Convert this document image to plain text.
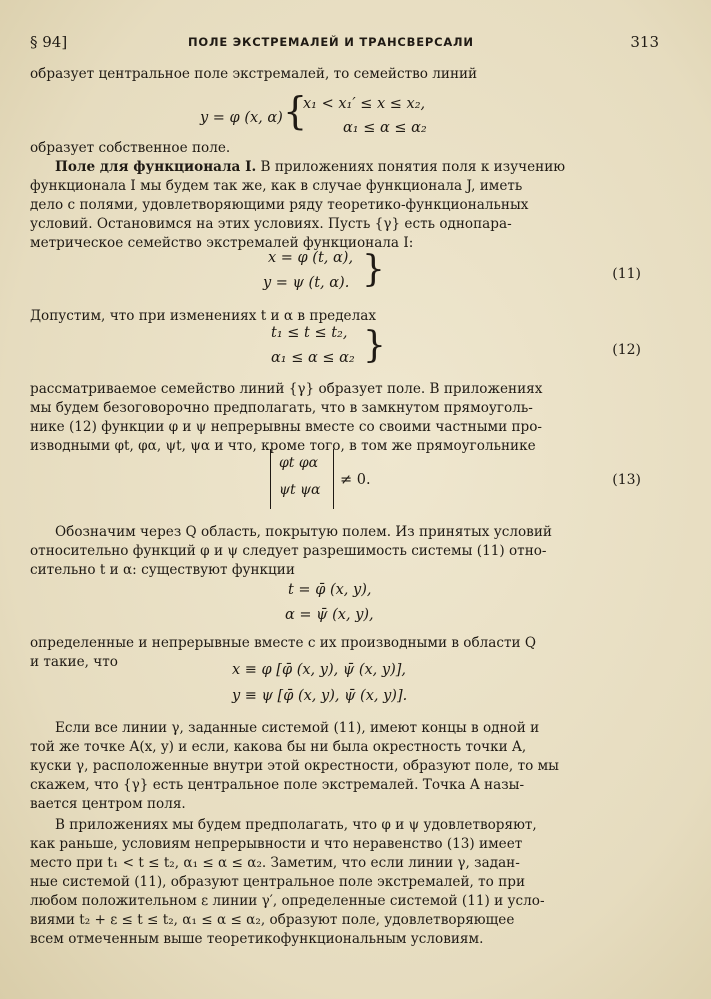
§ 94]	ПОЛЕ ЭКСТРЕМАЛЕЙ И ТРАНСВЕРСАЛИ	313
образует центральное поле экстремалей, то семейство линий
y = φ (x, α) {
x₁ < x₁′ ≤ x ≤ x₂,
α₁ ≤ α ≤ α₂
образует собственное поле.
Поле для функционала I. В приложениях понятия поля к изучению
функционала I мы будем так же, как в случае функционала J, иметь
дело с полями, удовлетворяющими ряду теоретико-функциональных
условий. Остановимся на этих условиях. Пусть {γ} есть однопара-
метрическое семейство экстремалей функционала I:
x = φ (t, α),
y = ψ (t, α). }	(11)
Допустим, что при изменениях t и α в пределах
t₁ ≤ t ≤ t₂,
α₁ ≤ α ≤ α₂ }	(12)
рассматриваемое семейство линий {γ} образует поле. В приложениях
мы будем безоговорочно предполагать, что в замкнутом прямоуголь-
нике (12) функции φ и ψ непрерывны вместе со своими частными про-
изводными φt, φα, ψt, ψα и что, кроме того, в том же прямоугольнике
φt φα
ψt ψα
≠ 0.	(13)
Обозначим через Q область, покрытую полем. Из принятых условий
относительно функций φ и ψ следует разрешимость системы (11) отно-
сительно t и α: существуют функции
t = φ̄ (x, y),
α = ψ̄ (x, y),
определенные и непрерывные вместе с их производными в области Q
и такие, что	x ≡ φ [φ̄ (x, y), ψ̄ (x, y)],
y ≡ ψ [φ̄ (x, y), ψ̄ (x, y)].
Если все линии γ, заданные системой (11), имеют концы в одной и
той же точке A(x, y) и если, какова бы ни была окрестность точки A,
куски γ, расположенные внутри этой окрестности, образуют поле, то мы
скажем, что {γ} есть центральное поле экстремалей. Точка A назы-
вается центром поля.
В приложениях мы будем предполагать, что φ и ψ удовлетворяют,
как раньше, условиям непрерывности и что неравенство (13) имеет
место при t₁ < t ≤ t₂, α₁ ≤ α ≤ α₂. Заметим, что если линии γ, задан-
ные системой (11), образуют центральное поле экстремалей, то при
любом положительном ε линии γ′, определенные системой (11) и усло-
виями t₂ + ε ≤ t ≤ t₂, α₁ ≤ α ≤ α₂, образуют поле, удовлетворяющее
всем отмеченным выше теоретикофункциональным условиям.
